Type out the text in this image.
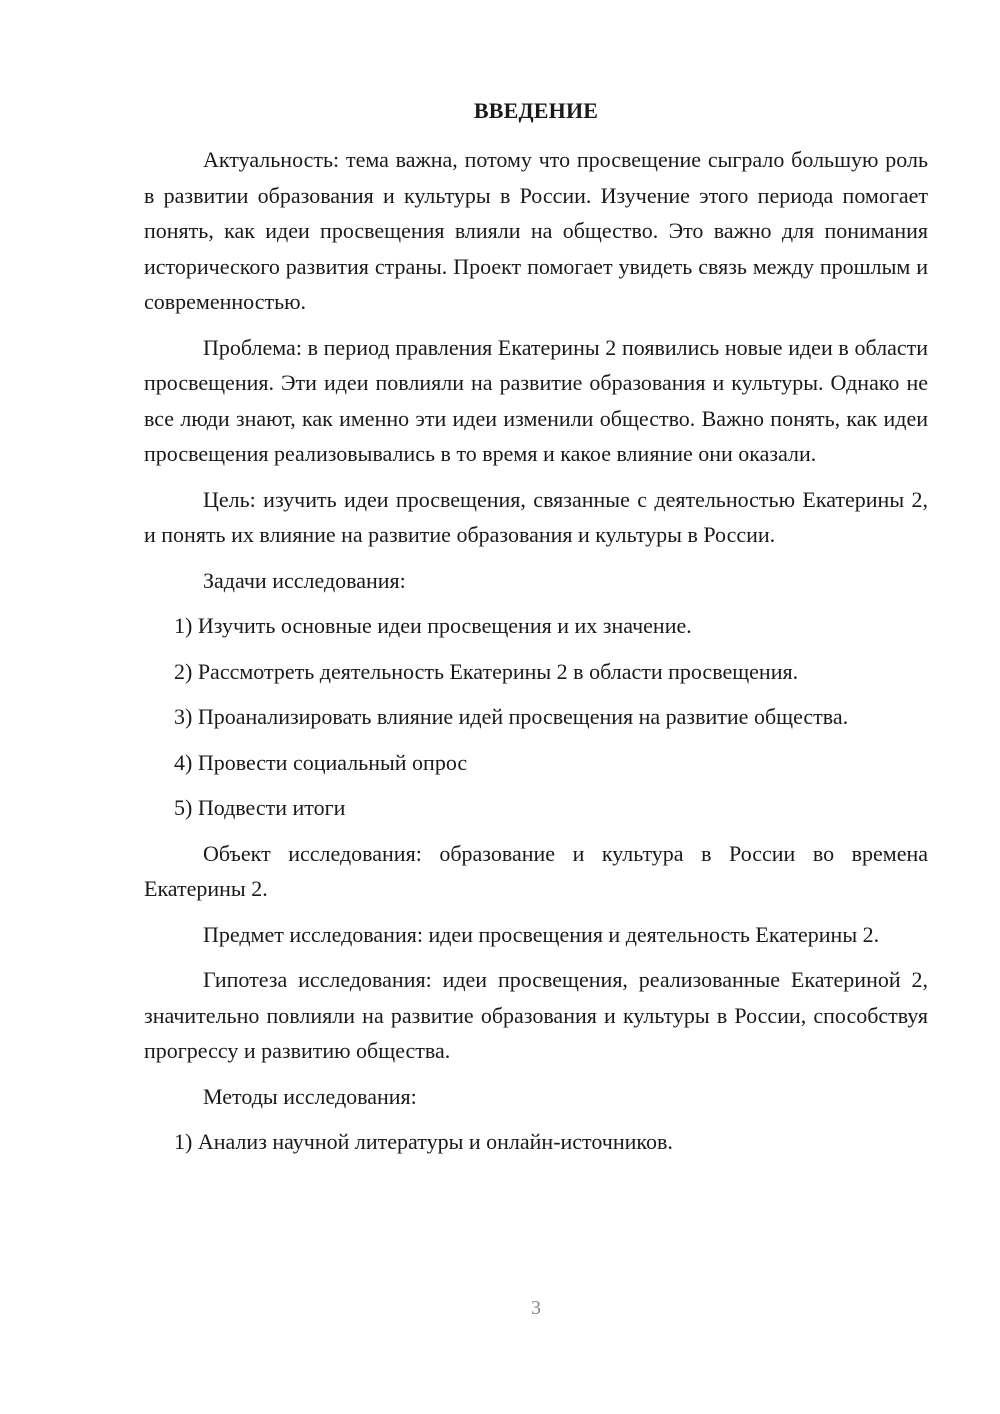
ВВЕДЕНИЕ

Актуальность: тема важна, потому что просвещение сыграло большую роль в развитии образования и культуры в России. Изучение этого периода помогает понять, как идеи просвещения влияли на общество. Это важно для понимания исторического развития страны. Проект помогает увидеть связь между прошлым и современностью.

Проблема: в период правления Екатерины 2 появились новые идеи в области просвещения. Эти идеи повлияли на развитие образования и культуры. Однако не все люди знают, как именно эти идеи изменили общество. Важно понять, как идеи просвещения реализовывались в то время и какое влияние они оказали.

Цель: изучить идеи просвещения, связанные с деятельностью Екатерины 2, и понять их влияние на развитие образования и культуры в России.

Задачи исследования:

1) Изучить основные идеи просвещения и их значение.

2) Рассмотреть деятельность Екатерины 2 в области просвещения.

3) Проанализировать влияние идей просвещения на развитие общества.

4) Провести социальный опрос

5) Подвести итоги

Объект исследования: образование и культура в России во времена Екатерины 2.

Предмет исследования: идеи просвещения и деятельность Екатерины 2.

Гипотеза исследования: идеи просвещения, реализованные Екатериной 2, значительно повлияли на развитие образования и культуры в России, способствуя прогрессу и развитию общества.

Методы исследования:

1) Анализ научной литературы и онлайн-источников.

3
